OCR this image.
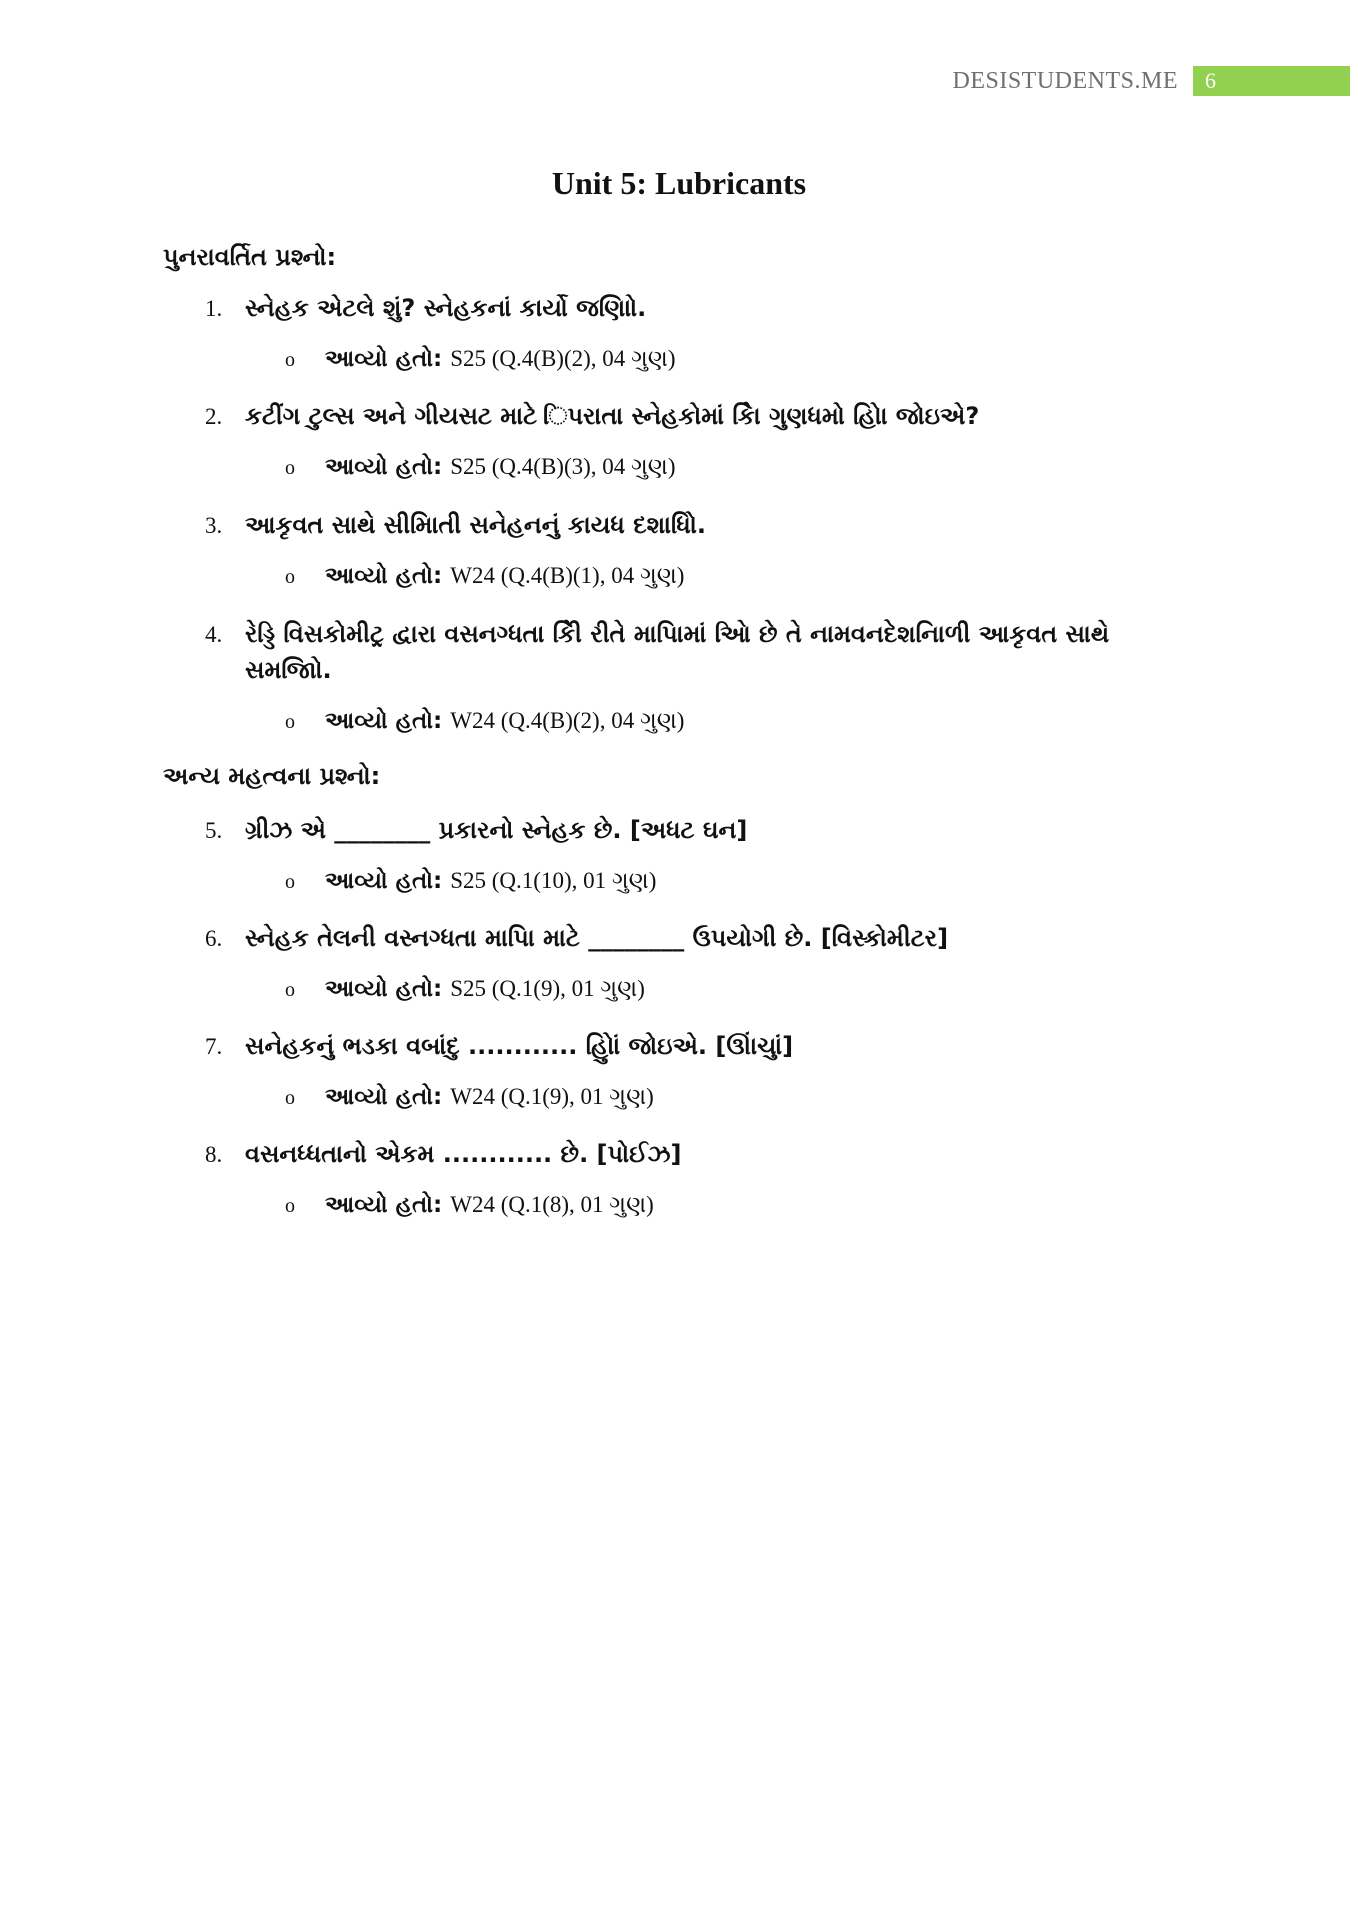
DESISTUDENTS.ME	6
Unit 5: Lubricants
પુનરાવર્તિત પ્રશ્નો:
1. સ્નેહક એટલે શું? સ્નેહકનાં કાર્યો જણાિો.
o	આવ્યો હતો: S25 (Q.4(B)(2), 04 ગુણ)
2. કટીંગ ટુલ્સ અને ગીયસટ માટે િપરાતા સ્નેહકોમાં કેિા ગુણધમો હોિા જોઇએ?
o	આવ્યો હતો: S25 (Q.4(B)(3), 04 ગુણ)
3. આકૃવત સાથે સીમાિતી સનેહનનું કાયધ દશાધિો.
o	આવ્યો હતો: W24 (Q.4(B)(1), 04 ગુણ)
4. રેડ્ડિ વિસકોમીટ્ર દ્વારા વસનગ્ધતા કેિી રીતે માપિામાં આિે છે તે નામવનદેશનિાળી આકૃવત સાથે સમજાિો.
o	આવ્યો હતો: W24 (Q.4(B)(2), 04 ગુણ)
અન્ય મહત્વના પ્રશ્નો:
5. ગ્રીઝ એ ________ પ્રકારનો સ્નેહક છે. [અધટ ઘન]
o	આવ્યો હતો: S25 (Q.1(10), 01 ગુણ)
6. સ્નેહક તેલની વસ્નગ્ધતા માપિા માટે ________ ઉપયોગી છે. [વિસ્કોમીટર]
o	આવ્યો હતો: S25 (Q.1(9), 01 ગુણ)
7. સનેહકનું ભડકા વબાંદુ ............ હોિુાં જોઇએ. [ઊાંચુાં]
o	આવ્યો હતો: W24 (Q.1(9), 01 ગુણ)
8. વસનધ્ધતાનો એકમ ............ છે. [પોઈઝ]
o	આવ્યો હતો: W24 (Q.1(8), 01 ગુણ)
